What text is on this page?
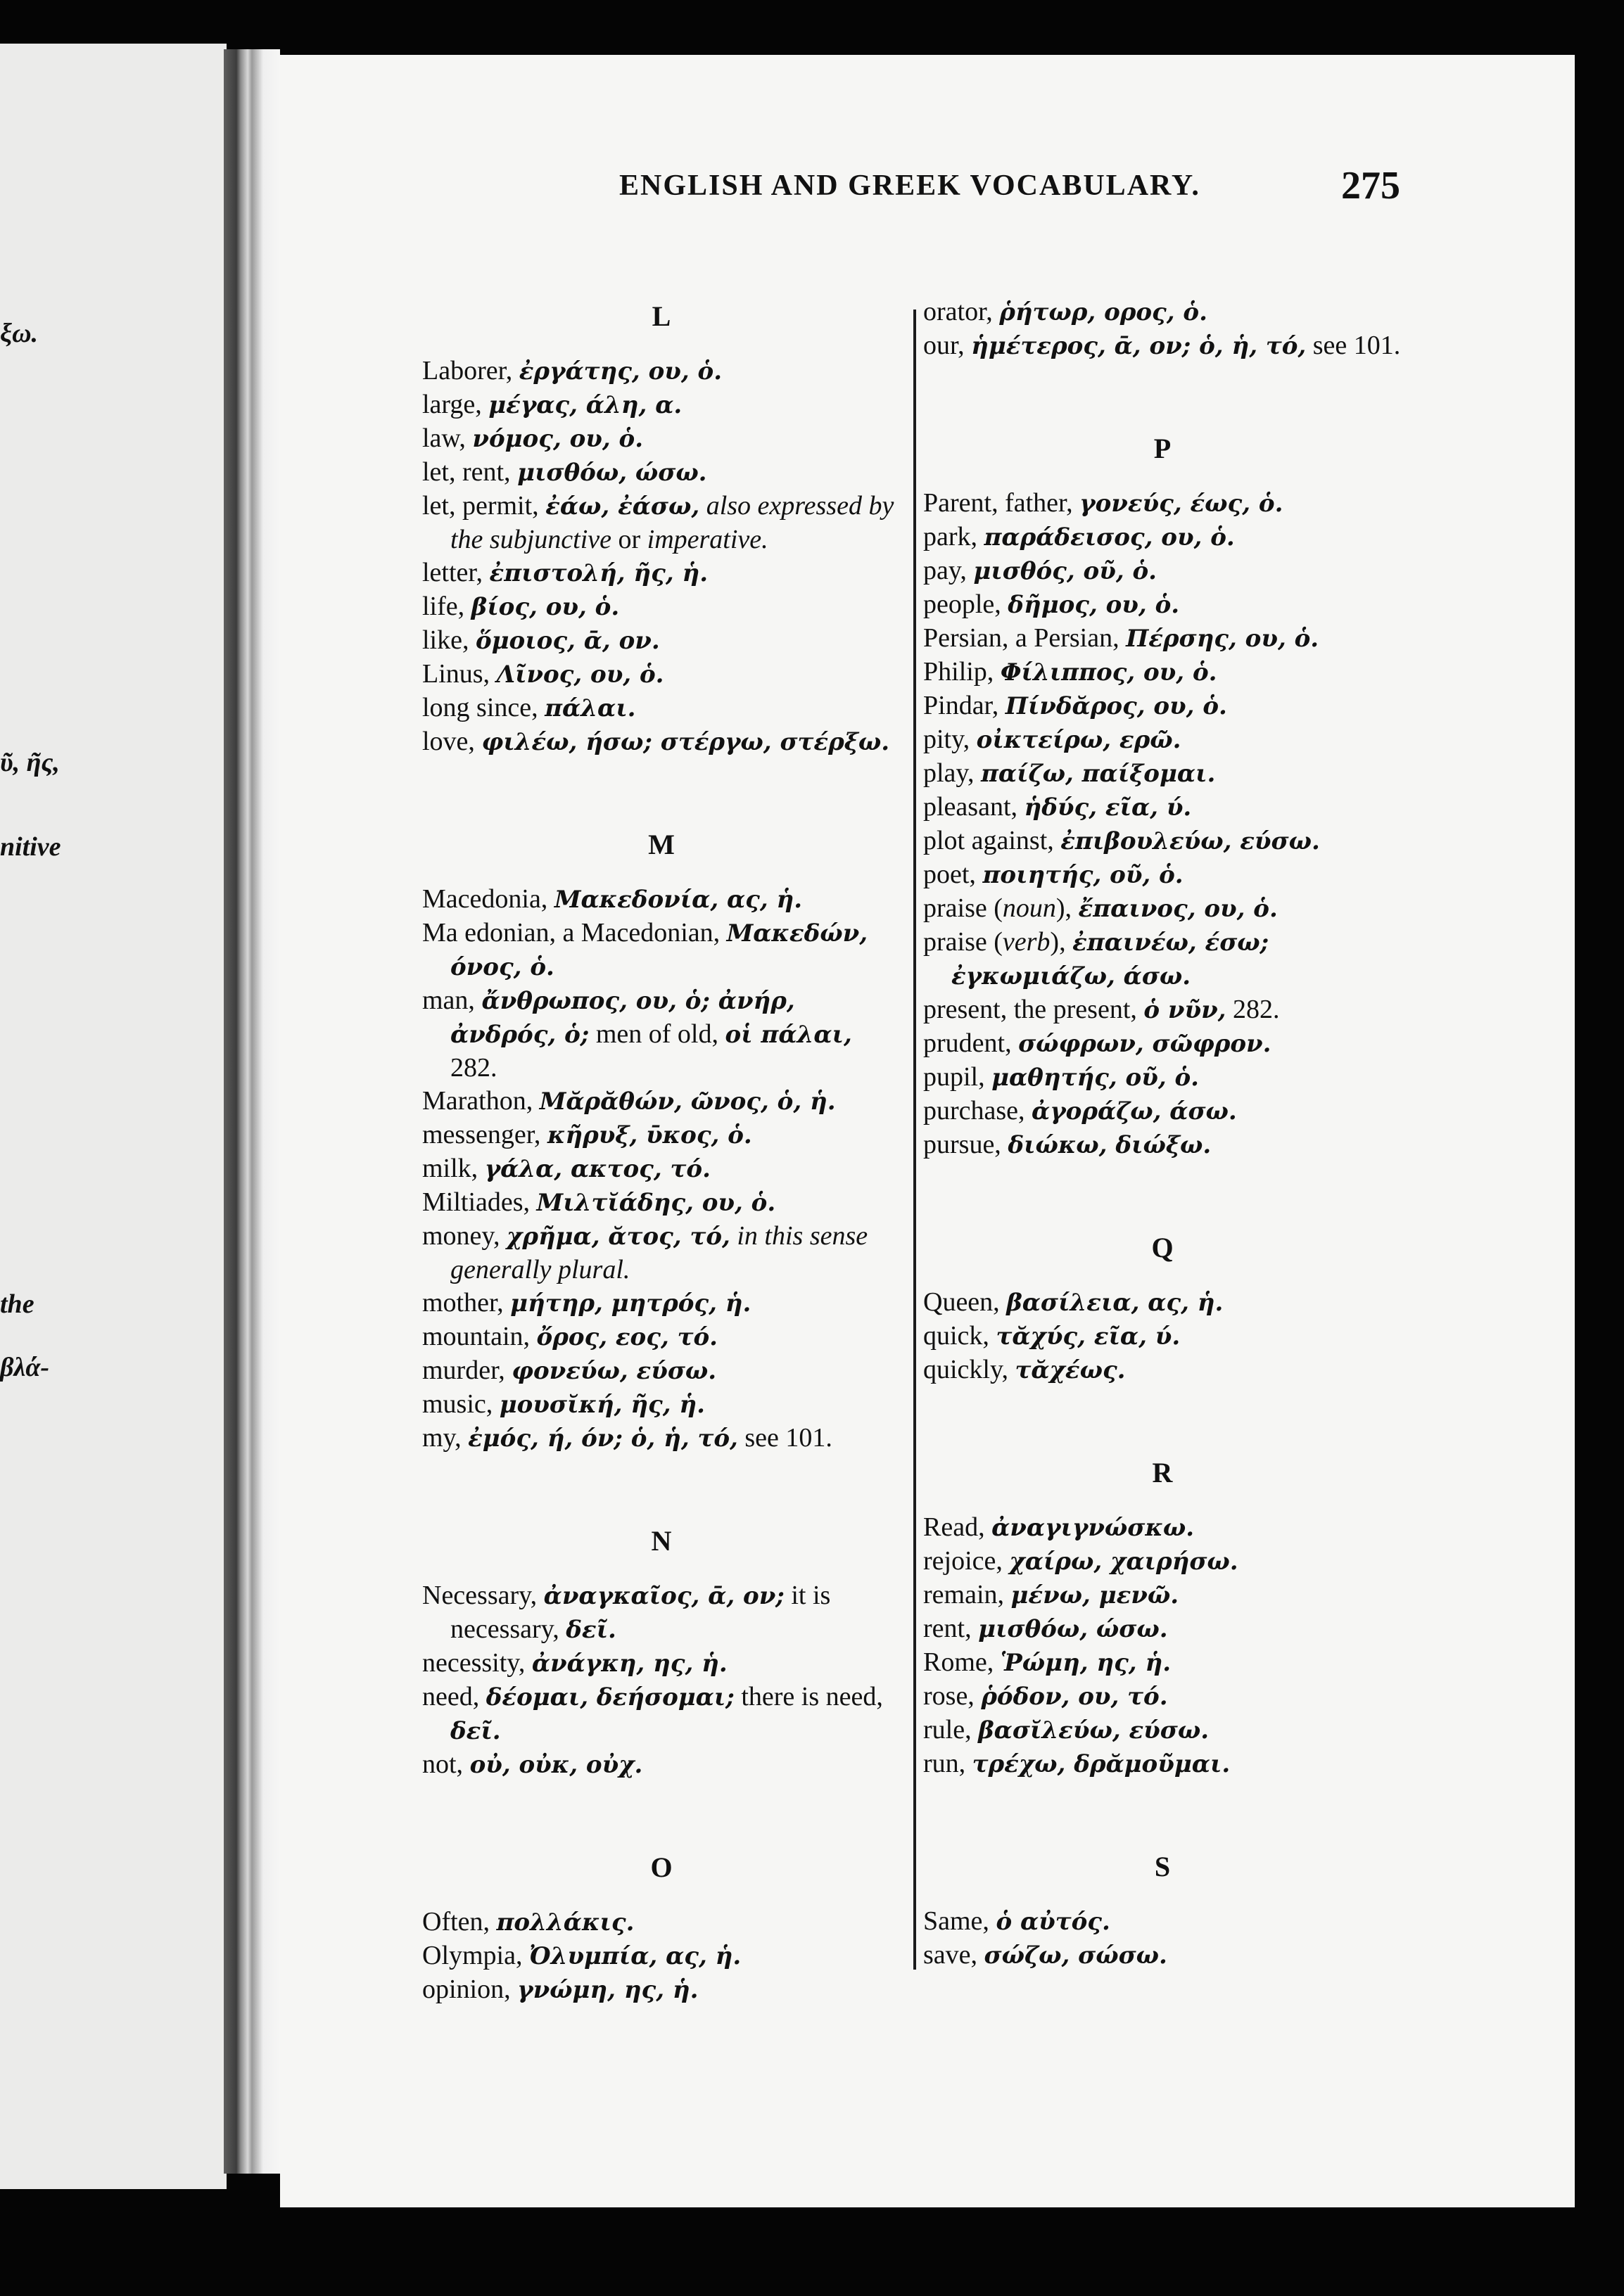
ξω.
ῦ, ῆς,
nitive
the
βλά-
ENGLISH AND GREEK VOCABULARY.	275
L
Laborer, ἐργάτης, ου, ὁ.
large, μέγας, άλη, α.
law, νόμος, ου, ὁ.
let, rent, μισθόω, ώσω.
let, permit, ἐάω, ἐάσω, also expressed by the subjunctive or imperative.
letter, ἐπιστολή, ῆς, ἡ.
life, βίος, ου, ὁ.
like, ὅμοιος, ᾱ, ον.
Linus, Λῖνος, ου, ὁ.
long since, πάλαι.
love, φιλέω, ήσω; στέργω, στέρξω.
M
Macedonia, Μακεδονία, ας, ἡ.
Ma edonian, a Macedonian, Μακεδών, όνος, ὁ.
man, ἄνθρωπος, ου, ὁ; ἀνήρ, ἀνδρός, ὁ; men of old, οἱ πάλαι, 282.
Marathon, Μᾰρᾰθών, ῶνος, ὁ, ἡ.
messenger, κῆρυξ, ῡκος, ὁ.
milk, γάλα, ακτος, τό.
Miltiades, Μιλτῐάδης, ου, ὁ.
money, χρῆμα, ᾰτος, τό, in this sense generally plural.
mother, μήτηρ, μητρός, ἡ.
mountain, ὄρος, εος, τό.
murder, φονεύω, εύσω.
music, μουσῐκή, ῆς, ἡ.
my, ἐμός, ή, όν; ὁ, ἡ, τό, see 101.
N
Necessary, ἀναγκαῖος, ᾱ, ον; it is necessary, δεῖ.
necessity, ἀνάγκη, ης, ἡ.
need, δέομαι, δεήσομαι; there is need, δεῖ.
not, οὐ, οὐκ, οὐχ.
O
Often, πολλάκις.
Olympia, Ὀλυμπία, ας, ἡ.
opinion, γνώμη, ης, ἡ.
orator, ῥήτωρ, ορος, ὁ.
our, ἡμέτερος, ᾱ, ον; ὁ, ἡ, τό, see 101.
P
Parent, father, γονεύς, έως, ὁ.
park, παράδεισος, ου, ὁ.
pay, μισθός, οῦ, ὁ.
people, δῆμος, ου, ὁ.
Persian, a Persian, Πέρσης, ου, ὁ.
Philip, Φίλιππος, ου, ὁ.
Pindar, Πίνδᾰρος, ου, ὁ.
pity, οἰκτείρω, ερῶ.
play, παίζω, παίξομαι.
pleasant, ἡδύς, εῖα, ύ.
plot against, ἐπιβουλεύω, εύσω.
poet, ποιητής, οῦ, ὁ.
praise (noun), ἔπαινος, ου, ὁ.
praise (verb), ἐπαινέω, έσω; ἐγκωμιάζω, άσω.
present, the present, ὁ νῦν, 282.
prudent, σώφρων, σῶφρον.
pupil, μαθητής, οῦ, ὁ.
purchase, ἀγοράζω, άσω.
pursue, διώκω, διώξω.
Q
Queen, βασίλεια, ας, ἡ.
quick, τᾰχύς, εῖα, ύ.
quickly, τᾰχέως.
R
Read, ἀναγιγνώσκω.
rejoice, χαίρω, χαιρήσω.
remain, μένω, μενῶ.
rent, μισθόω, ώσω.
Rome, Ῥώμη, ης, ἡ.
rose, ῥόδον, ου, τό.
rule, βασῐλεύω, εύσω.
run, τρέχω, δρᾰμοῦμαι.
S
Same, ὁ αὐτός.
save, σώζω, σώσω.
